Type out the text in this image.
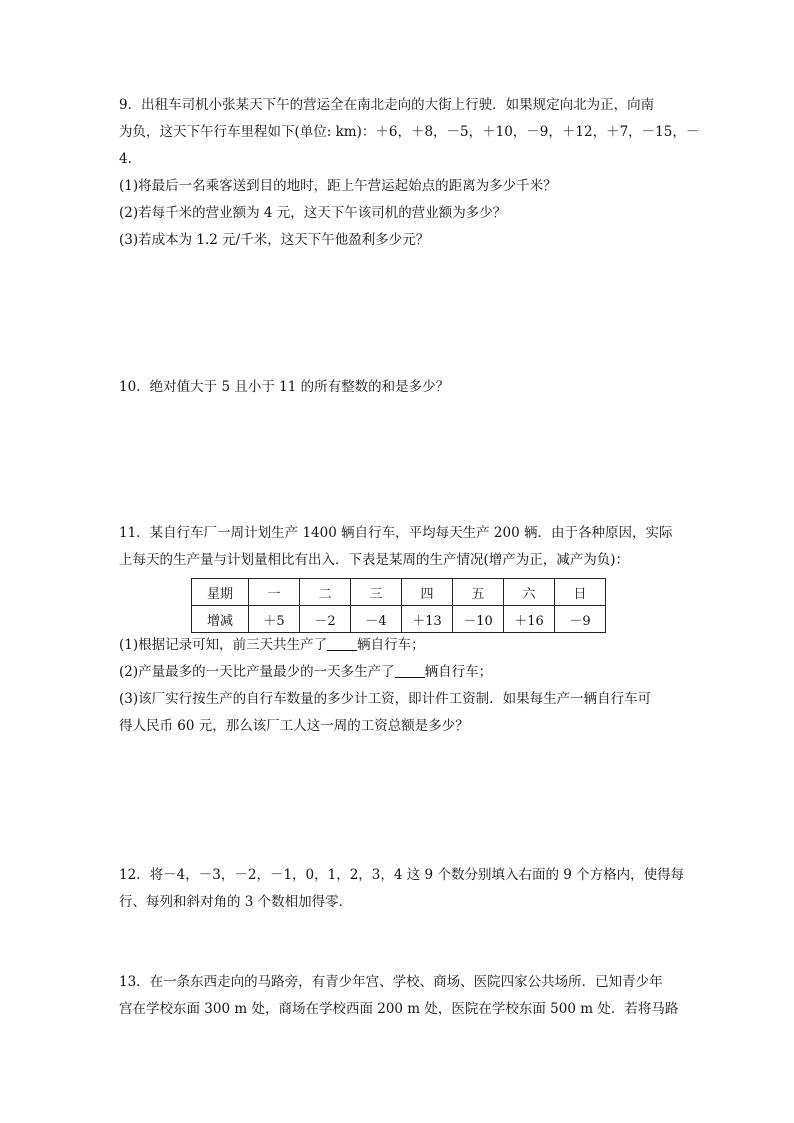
9．出租车司机小张某天下午的营运全在南北走向的大街上行驶．如果规定向北为正，向南
为负，这天下午行车里程如下(单位: km)：＋6，＋8，－5，＋10，－9，＋12，＋7，－15，－
4.
(1)将最后一名乘客送到目的地时，距上午营运起始点的距离为多少千米？
(2)若每千米的营业额为 4 元，这天下午该司机的营业额为多少？
(3)若成本为 1.2 元/千米，这天下午他盈利多少元？
10．绝对值大于 5 且小于 11 的所有整数的和是多少？
11．某自行车厂一周计划生产 1400 辆自行车，平均每天生产 200 辆．由于各种原因，实际
上每天的生产量与计划量相比有出入．下表是某周的生产情况(增产为正，减产为负)：
星期	一	二	三	四	五	六	日
增减	＋5	－2	－4	＋13	－10	＋16	－9
(1)根据记录可知，前三天共生产了 辆自行车；
(2)产量最多的一天比产量最少的一天多生产了 辆自行车；
(3)该厂实行按生产的自行车数量的多少计工资，即计件工资制．如果每生产一辆自行车可
得人民币 60 元，那么该厂工人这一周的工资总额是多少？
12．将－4，－3，－2，－1，0，1，2，3，4 这 9 个数分别填入右面的 9 个方格内，使得每
行、每列和斜对角的 3 个数相加得零．
13．在一条东西走向的马路旁，有青少年宫、学校、商场、医院四家公共场所．已知青少年
宫在学校东面 300 m 处，商场在学校西面 200 m 处，医院在学校东面 500 m 处．若将马路
